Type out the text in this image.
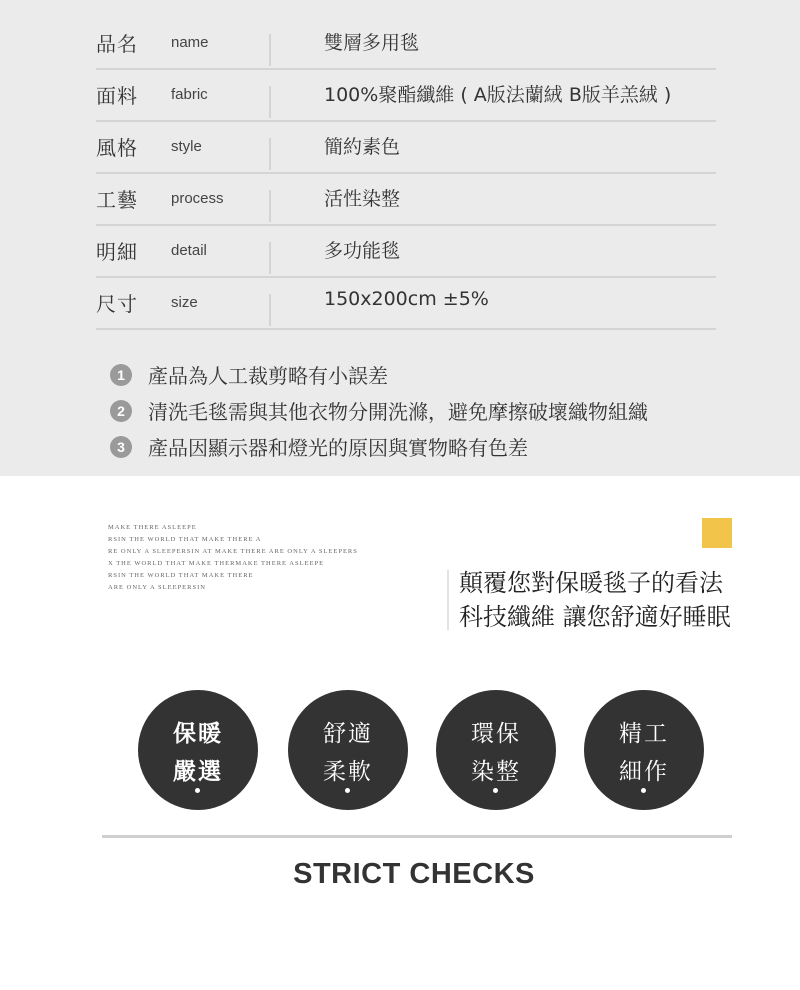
品名 name	雙層多用毯
面料 fabric	100%聚酯纖維 ( A版法蘭絨 B版羊羔絨 )
風格 style	簡約素色
工藝 process	活性染整
明細 detail	多功能毯
尺寸 size	150x200cm ±5%
1	產品為人工裁剪略有小誤差
2	清洗毛毯需與其他衣物分開洗滌，避免摩擦破壞織物組織
3	產品因顯示器和燈光的原因與實物略有色差
MAKE THERE ASLEEPE
RSIN THE WORLD THAT MAKE THERE A
RE ONLY A SLEEPERSIN AT MAKE THERE ARE ONLY A SLEEPERS
X THE WORLD THAT MAKE THERMAKE THERE ASLEEPE
RSIN THE WORLD THAT MAKE THERE
ARE ONLY A SLEEPERSIN	顛覆您對保暖毯子的看法
科技纖維 讓您舒適好睡眠
保暖
嚴選
舒適
柔軟
環保
染整
精工
細作
STRICT CHECKS
